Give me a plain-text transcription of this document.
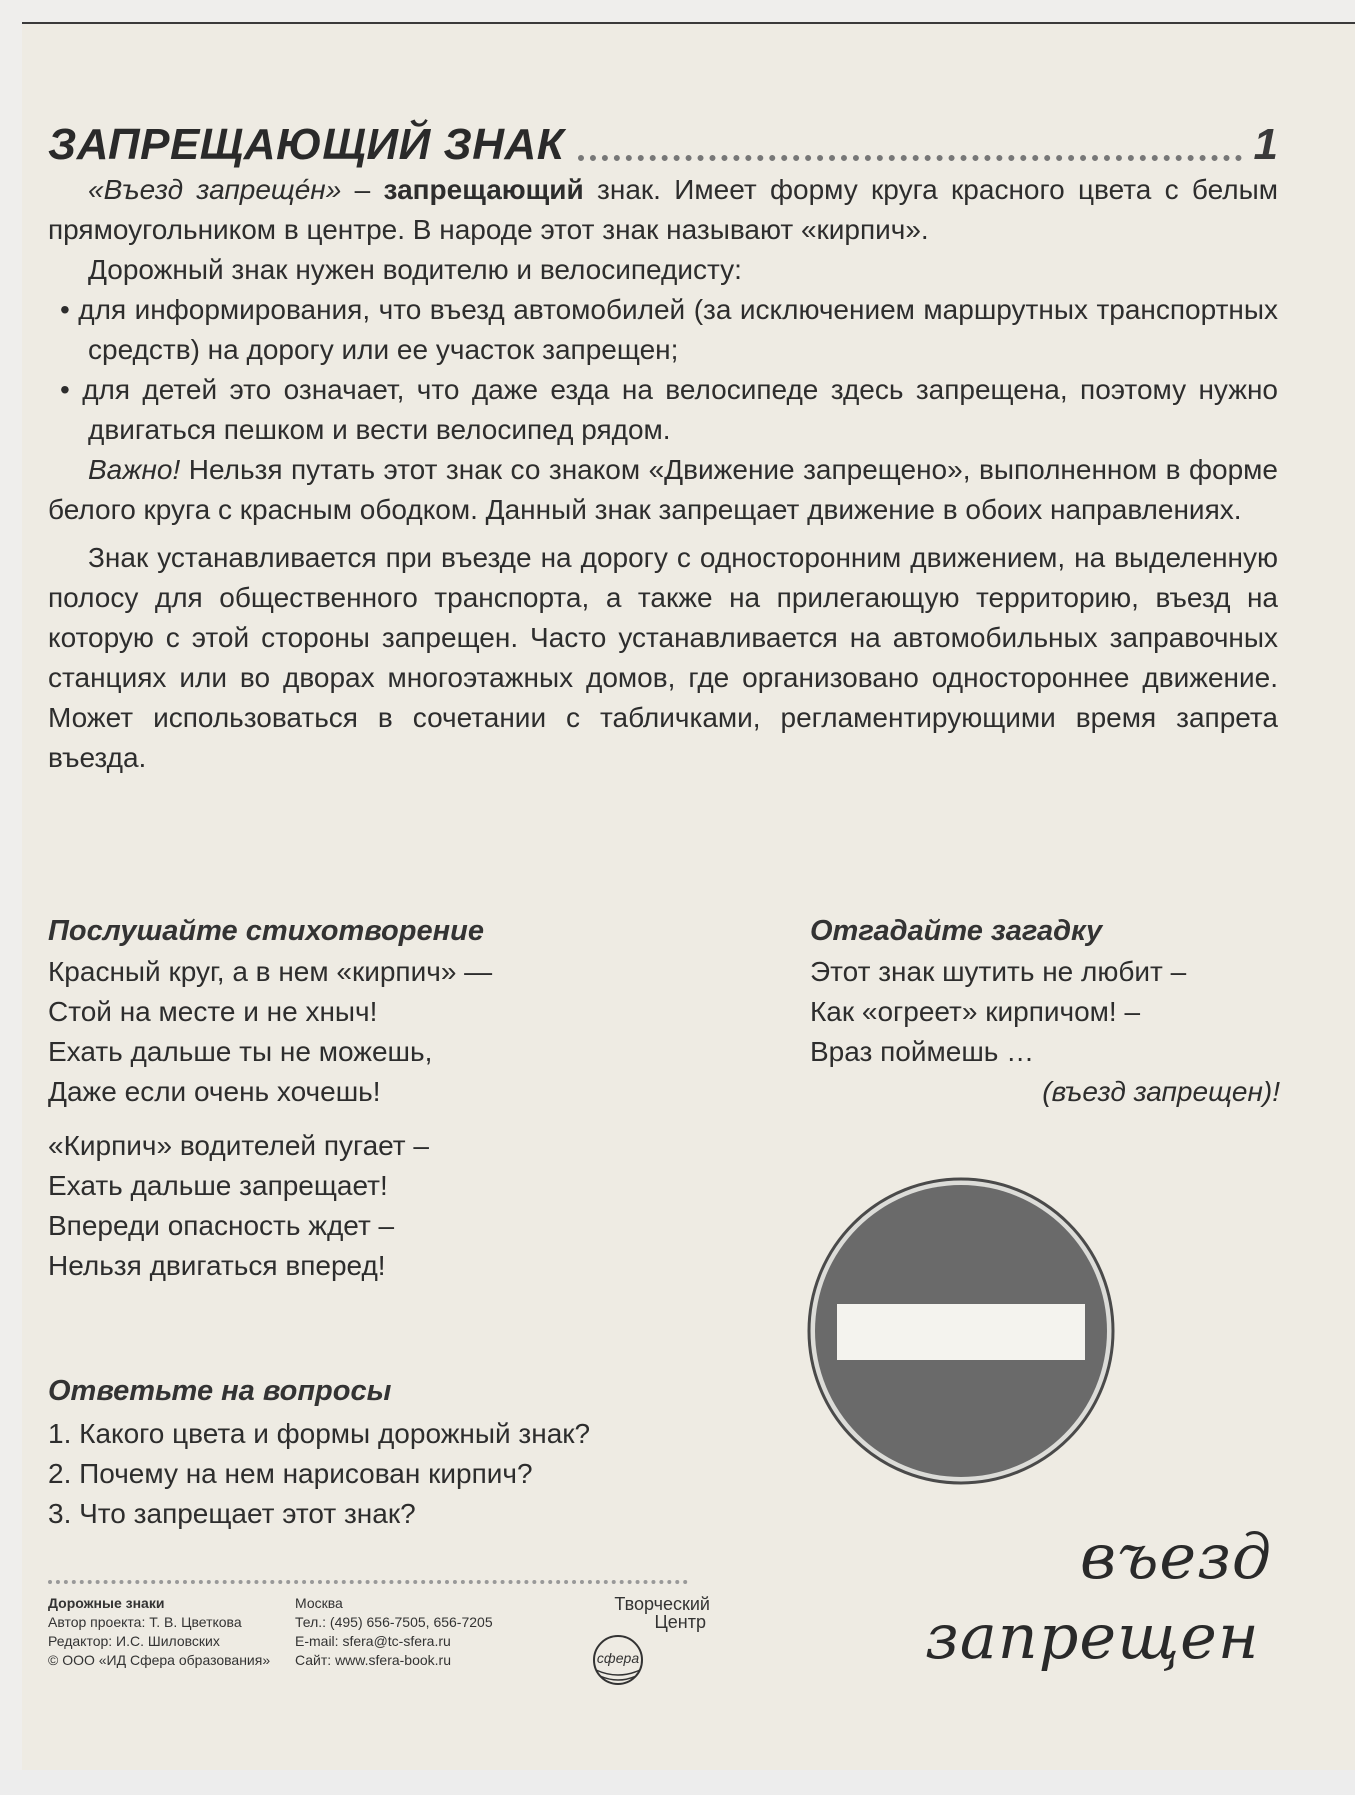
ЗАПРЕЩАЮЩИЙ ЗНАК	1

«Въезд запреще́н» – запрещающий знак. Имеет форму круга красного цвета с белым прямоугольником в центре. В народе этот знак называют «кирпич».

Дорожный знак нужен водителю и велосипедисту:

• для информирования, что въезд автомобилей (за исключением маршрутных транспортных средств) на дорогу или ее участок запрещен;

• для детей это означает, что даже езда на велосипеде здесь запрещена, поэтому нужно двигаться пешком и вести велосипед рядом.

Важно! Нельзя путать этот знак со знаком «Движение запрещено», выполненном в форме белого круга с красным ободком. Данный знак запрещает движение в обоих направлениях.

Знак устанавливается при въезде на дорогу с односторонним движением, на выделенную полосу для общественного транспорта, а также на прилегающую территорию, въезд на которую с этой стороны запрещен. Часто устанавливается на автомобильных заправочных станциях или во дворах многоэтажных домов, где организовано одностороннее движение. Может использоваться в сочетании с табличками, регламентирующими время запрета въезда.

Послушайте стихотворение
Красный круг, а в нем «кирпич» —
Стой на месте и не хныч!
Ехать дальше ты не можешь,
Даже если очень хочешь!
«Кирпич» водителей пугает –
Ехать дальше запрещает!
Впереди опасность ждет –
Нельзя двигаться вперед!
Отгадайте загадку
Этот знак шутить не любит –
Как «огреет» кирпичом! –
Враз поймешь …
(въезд запрещен)!
Ответьте на вопросы
1. Какого цвета и формы дорожный знак?
2. Почему на нем нарисован кирпич?
3. Что запрещает этот знак?
Дорожные знаки
Автор проекта: Т. В. Цветкова
Редактор: И.С. Шиловских
© ООО «ИД Сфера образования»
Москва
Тел.: (495) 656-7505, 656-7205
E-mail: sfera@tc-sfera.ru
Сайт: www.sfera-book.ru
Творческий
Центр
сфера
въезд
запрещен
